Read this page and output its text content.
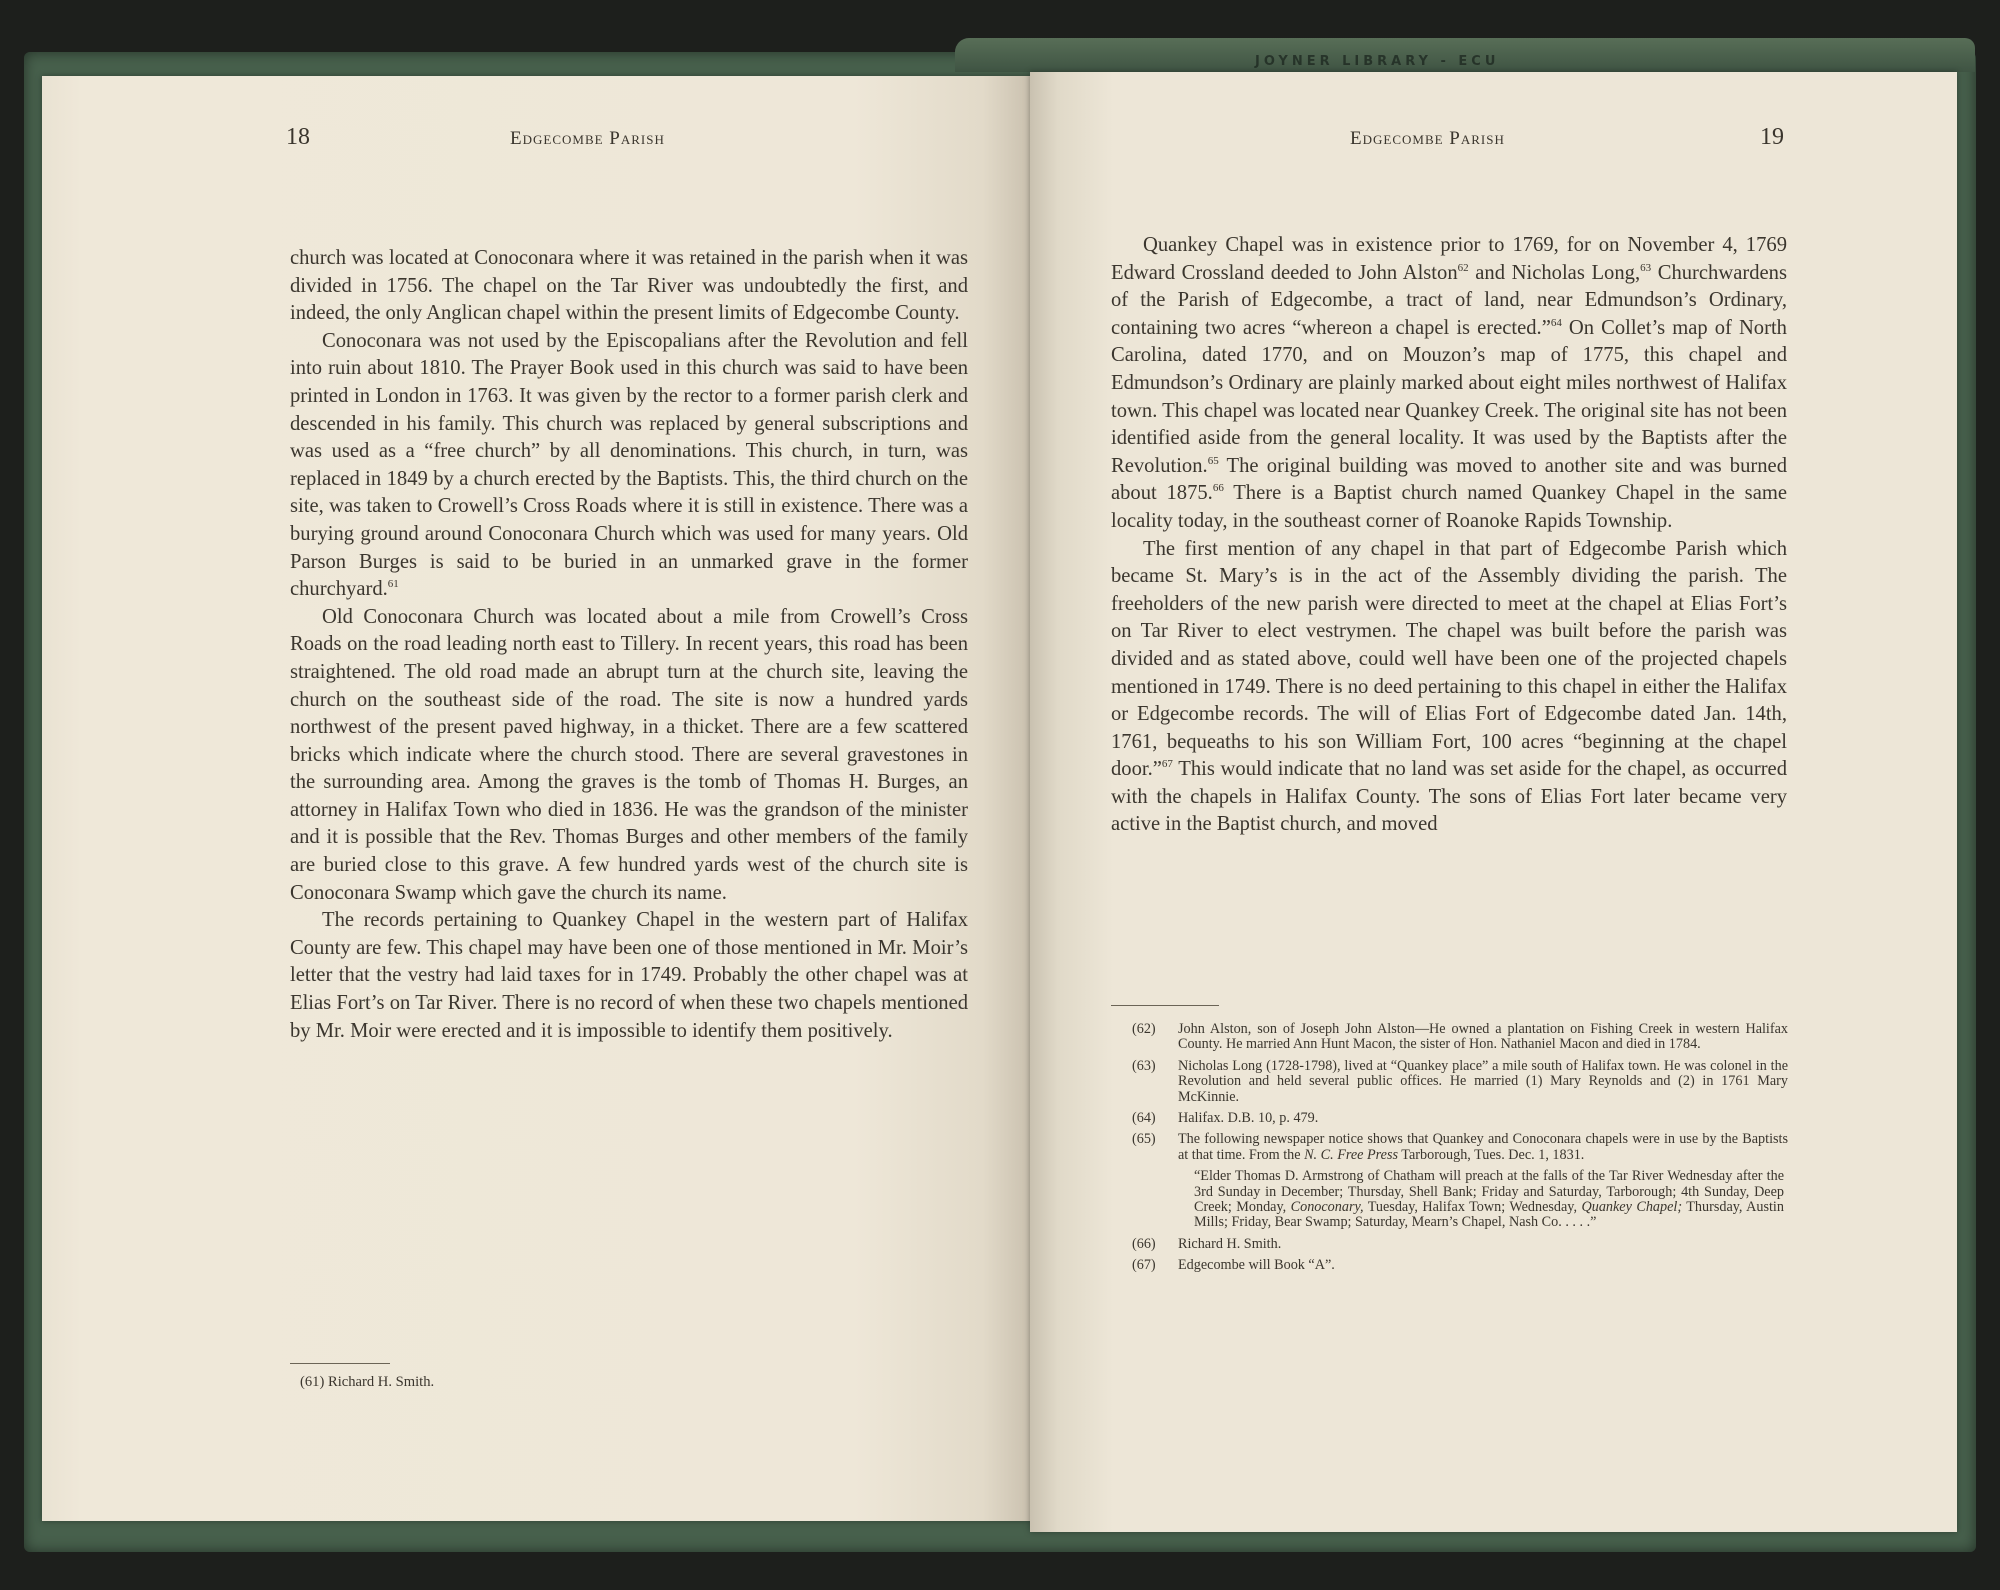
JOYNER LIBRARY - ECU
18	Edgecombe Parish

church was located at Conoconara where it was retained in the parish when it was divided in 1756. The chapel on the Tar River was undoubtedly the first, and indeed, the only Anglican chapel within the present limits of Edgecombe County.

Conoconara was not used by the Episcopalians after the Revolution and fell into ruin about 1810. The Prayer Book used in this church was said to have been printed in London in 1763. It was given by the rector to a former parish clerk and descended in his family. This church was replaced by general subscriptions and was used as a “free church” by all denominations. This church, in turn, was replaced in 1849 by a church erected by the Baptists. This, the third church on the site, was taken to Crowell’s Cross Roads where it is still in existence. There was a burying ground around Conoconara Church which was used for many years. Old Parson Burges is said to be buried in an unmarked grave in the former churchyard.$^{61}$

Old Conoconara Church was located about a mile from Crowell’s Cross Roads on the road leading north east to Tillery. In recent years, this road has been straightened. The old road made an abrupt turn at the church site, leaving the church on the southeast side of the road. The site is now a hundred yards northwest of the present paved highway, in a thicket. There are a few scattered bricks which indicate where the church stood. There are several gravestones in the surrounding area. Among the graves is the tomb of Thomas H. Burges, an attorney in Halifax Town who died in 1836. He was the grandson of the minister and it is possible that the Rev. Thomas Burges and other members of the family are buried close to this grave. A few hundred yards west of the church site is Conoconara Swamp which gave the church its name.

The records pertaining to Quankey Chapel in the western part of Halifax County are few. This chapel may have been one of those mentioned in Mr. Moir’s letter that the vestry had laid taxes for in 1749. Probably the other chapel was at Elias Fort’s on Tar River. There is no record of when these two chapels mentioned by Mr. Moir were erected and it is impossible to identify them positively.

(61) Richard H. Smith.
Edgecombe Parish	19

Quankey Chapel was in existence prior to 1769, for on November 4, 1769 Edward Crossland deeded to John Alston$^{62}$ and Nicholas Long,$^{63}$ Churchwardens of the Parish of Edgecombe, a tract of land, near Edmundson’s Ordinary, containing two acres “whereon a chapel is erected.”$^{64}$ On Collet’s map of North Carolina, dated 1770, and on Mouzon’s map of 1775, this chapel and Edmundson’s Ordinary are plainly marked about eight miles northwest of Halifax town. This chapel was located near Quankey Creek. The original site has not been identified aside from the general locality. It was used by the Baptists after the Revolution.$^{65}$ The original building was moved to another site and was burned about 1875.66 There is a Baptist church named Quankey Chapel in the same locality today, in the southeast corner of Roanoke Rapids Township.

The first mention of any chapel in that part of Edgecombe Parish which became St. Mary’s is in the act of the Assembly dividing the parish. The freeholders of the new parish were directed to meet at the chapel at Elias Fort’s on Tar River to elect vestrymen. The chapel was built before the parish was divided and as stated above, could well have been one of the projected chapels mentioned in 1749. There is no deed pertaining to this chapel in either the Halifax or Edgecombe records. The will of Elias Fort of Edgecombe dated Jan. 14th, 1761, bequeaths to his son William Fort, 100 acres “beginning at the chapel door.”$^{67}$ This would indicate that no land was set aside for the chapel, as occurred with the chapels in Halifax County. The sons of Elias Fort later became very active in the Baptist church, and moved

(62) John Alston, son of Joseph John Alston—He owned a plantation on Fishing Creek in western Halifax County. He married Ann Hunt Macon, the sister of Hon. Nathaniel Macon and died in 1784.
(63) Nicholas Long (1728-1798), lived at “Quankey place” a mile south of Halifax town. He was colonel in the Revolution and held several public offices. He married (1) Mary Reynolds and (2) in 1761 Mary McKinnie.
(64) Halifax. D.B. 10, p. 479.
(65) The following newspaper notice shows that Quankey and Conoconara chapels were in use by the Baptists at that time. From the N. C. Free Press Tarborough, Tues. Dec. 1, 1831.
“Elder Thomas D. Armstrong of Chatham will preach at the falls of the Tar River Wednesday after the 3rd Sunday in December; Thursday, Shell Bank; Friday and Saturday, Tarborough; 4th Sunday, Deep Creek; Monday, Conoconary, Tuesday, Halifax Town; Wednesday, Quankey Chapel; Thursday, Austin Mills; Friday, Bear Swamp; Saturday, Mearn’s Chapel, Nash Co. . . . .”
(66) Richard H. Smith.
(67) Edgecombe will Book “A”.
